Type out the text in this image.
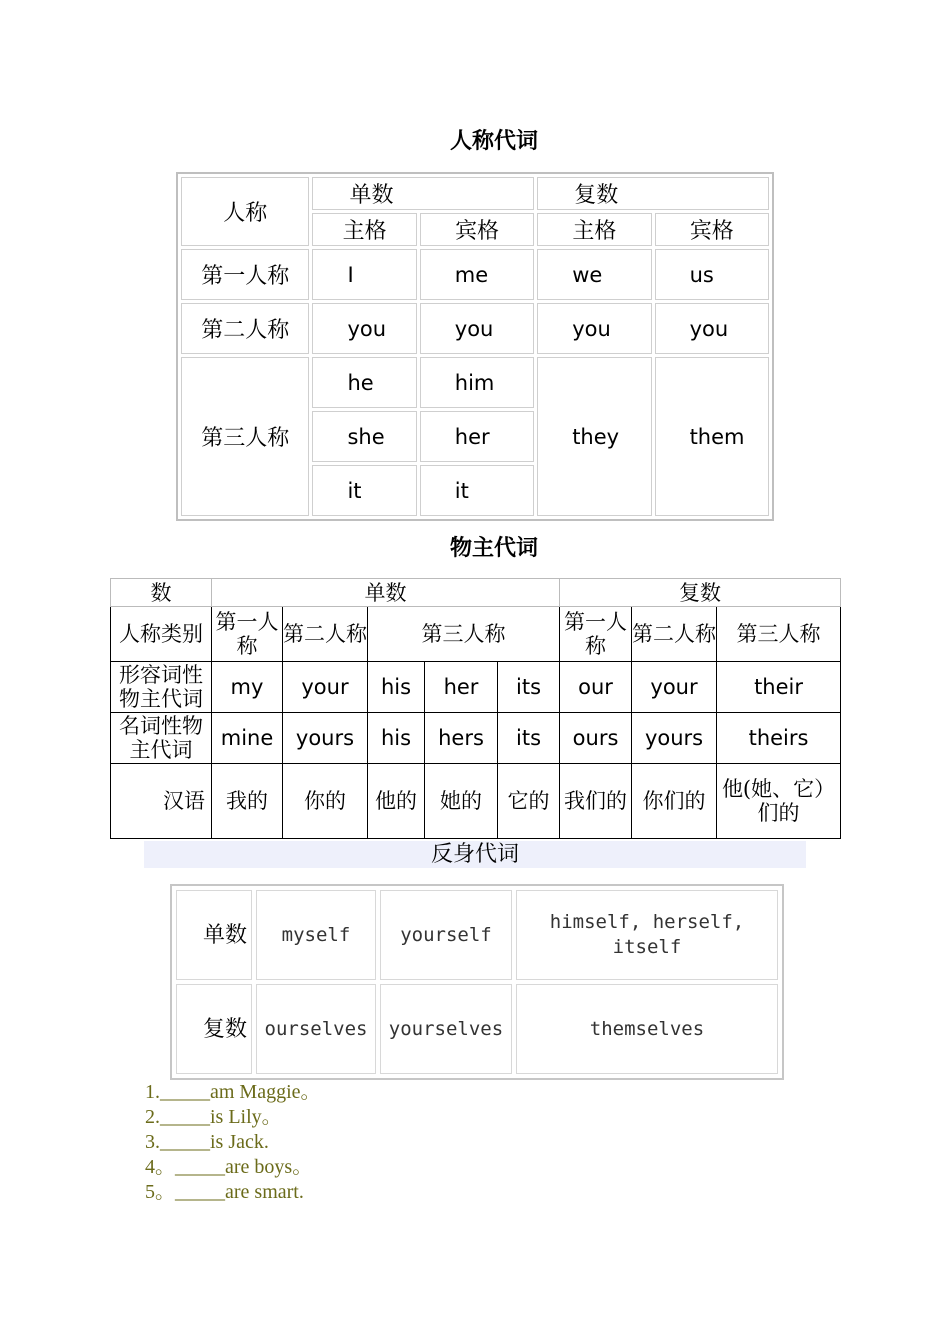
人称代词
人称	单数		复数	
	主格	宾格	主格	宾格
第一人称	I	me	we	us
第二人称	you	you	you	you
第三人称	he	him	they	them
	she	her		
	it	it		
物主代词
数	单数					复数		
人称类别	第一人称	第二人称	第三人称			第一人称	第二人称	第三人称
形容词性物主代词	my	your	his	her	its	our	your	their
名词性物主代词	mine	yours	his	hers	its	ours	yours	theirs
汉语	我的	你的	他的	她的	它的	我们的	你们的	他(她、它）们的
反身代词
单数	myself	yourself	himself, herself, itself
复数	ourselves	yourselves	themselves
1._____am Maggie。
2._____is Lily。
3._____is Jack.
4。_____are boys。
5。_____are smart.
